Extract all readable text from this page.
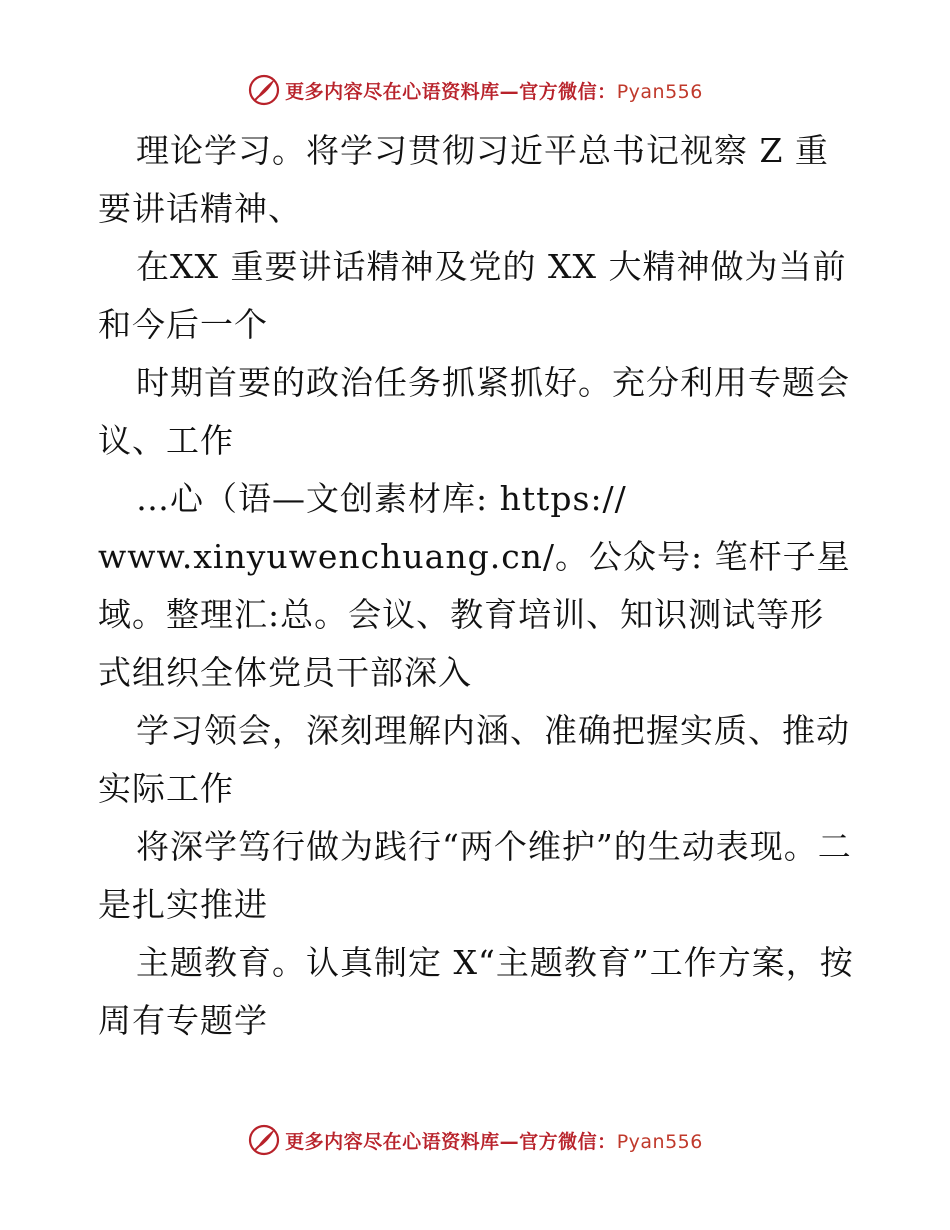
更多内容尽在心语资料库—官方微信：Pyan556

理论学习。将学习贯彻习近平总书记视察 Z 重要讲话精神、

在XX 重要讲话精神及党的 XX 大精神做为当前和今后一个

时期首要的政治任务抓紧抓好。充分利用专题会议、工作

…心（语—文创素材库: https://

www.xinyuwenchuang.cn/。公众号: 笔杆子星域。整理汇:总。会议、教育培训、知识测试等形式组织全体党员干部深入

学习领会，深刻理解内涵、准确把握实质、推动实际工作

将深学笃行做为践行“两个维护”的生动表现。二是扎实推进

主题教育。认真制定 X“主题教育”工作方案，按周有专题学

更多内容尽在心语资料库—官方微信：Pyan556
